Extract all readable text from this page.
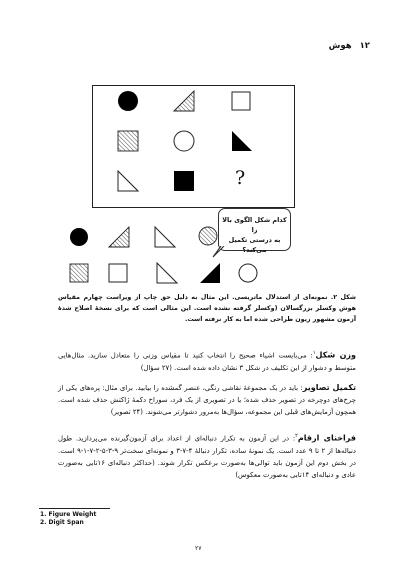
۱۲
هوش
?
کدام شکل الگوی بالا را
به درستی تکمیل می‌کند؟
شکل ۲. نمونه‌ای از استدلال ماتریسی. این مثال به دلیل حق چاپ از ویراست چهارم مقیاس هوش وکسلر بزرگسالان (وکسلر گرفته نشده است. این مثالی است که برای نسخهٔ اصلاح شدهٔ آزمون مشهور ریون طراحی شده اما به کار نرفته است.
وزن شکل$^۱$: می‌بایست اشیاء صحیح را انتخاب کنید تا مقیاس وزنی را متعادل سازید. مثال‌هایی متوسط و دشوار از این تکلیف در شکل ۳ نشان داده شده است. (۲۷ سؤال)
تکمیل تصاویر: باید در یک مجموعهٔ نقاشی رنگی، عنصر گمشده را بیابید. برای مثال: پره‌های یکی از چرخ‌های دوچرخه در تصویر حذف شده؛ یا در تصویری از یک فرد، سوراخ دکمهٔ ژاکتش حذف شده است. همچون آزمایش‌های قبلی این مجموعه، سؤال‌ها به‌مرور دشوارتر می‌شوند. (۲۴ تصویر)
فراخنای ارقام$^۲$: در این آزمون به تکرار دنباله‌ای از اعداد برای آزمون‌گیرنده می‌پردازید. طول دنباله‌ها از ۲ تا ۹ عدد است. یک نمونهٔ ساده، تکرار دنبالهٔ ۴-۷-۳ و نمونه‌ای سخت‌تر ۹-۳-۵-۲-۷-۱-۹ است. در بخش دوم این آزمون باید توالی‌ها به‌صورت برعکس تکرار شوند. (حداکثر دنباله‌ای ۱۶تایی به‌صورت عادی و دنباله‌ای ۱۴تایی به‌صورت معکوس)
1. Figure Weight
2. Digit Span
۲۷
